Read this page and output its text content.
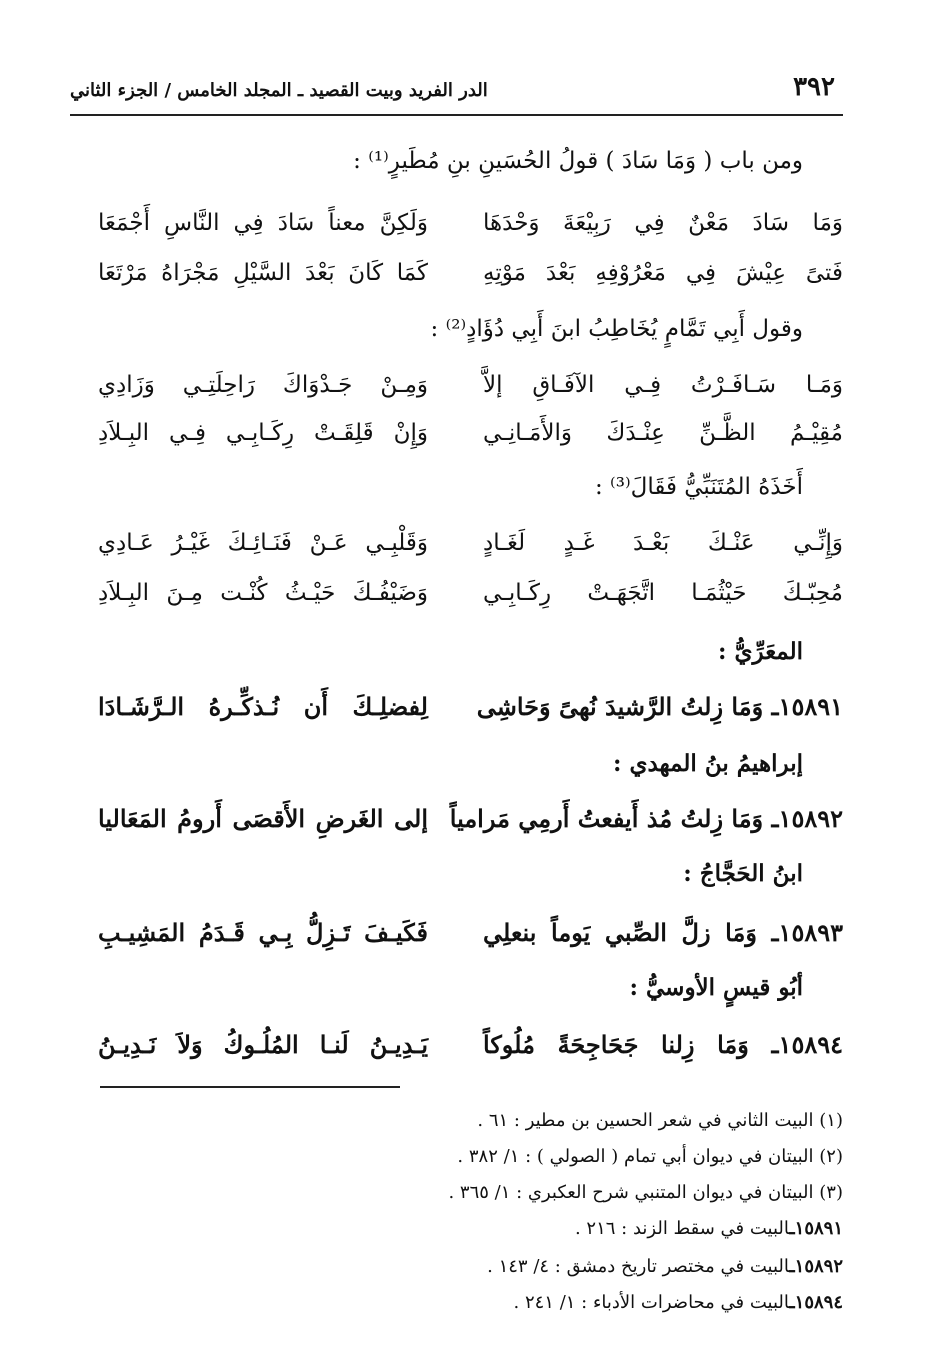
٣٩٢
الدر الفريد وبيت القصيد ـ المجلد الخامس / الجزء الثاني
ومن باب ( وَمَا سَادَ ) قولُ الحُسَينِ بنِ مُطَيرٍ⁽¹⁾ :
وَمَا سَادَ مَعْنٌ فِي رَبِيْعَةَ وَحْدَهَا
وَلَكِنَّ معناً سَادَ فِي النَّاسِ أَجْمَعَا
فَتىً عِيْشَ فِي مَعْرُوْفِهِ بَعْدَ مَوْتِهِ
كَمَا كَانَ بَعْدَ السَّيْلِ مَجْرَاهُ مَرْتَعَا
وقول أَبِي تَمَّامٍ يُخَاطِبُ ابنَ أَبِي دُؤَادٍ⁽²⁾ :
وَمَـا سَـافَـرْتُ فِـي الآفَـاقِ إلاَّ
وَمِـنْ جَـدْوَاكَ رَاحِلَتِـي وَزَادِي
مُقِيْـمُ الظَّـنِّ عِنْـدَكَ وَالأَمَـانِـي
وَإِنْ قَلِقَـتْ رِكَـابِـي فِـي البِـلاَدِ
أَخَذَهُ المُتَنَبِّيُّ فَقَالَ⁽³⁾ :
وَإِنِّـي عَنْـكَ بَعْـدَ غَـدٍ لَغَـادٍ
وَقَلْبِـي عَـنْ فَنَـائِـكَ غَيْـرُ عَـادِي
مُحِبّـكَ حَيْثُمَـا اتَّجَهَـتْ رِكَـابِـي
وَضَيْفُـكَ حَيْـثُ كُنْـت مِـنَ البِـلاَدِ
المعَرِّيُّ :
١٥٨٩١ـ وَمَا زِلتُ الرَّشيدَ نُهىً وَحَاشِى
لِفضلِـكَ أَن نُـذكِّـرهُ الـرَّشَـادَا
إبراهيمُ بنُ المهدي :
١٥٨٩٢ـ وَمَا زِلتُ مُذ أَيفعتُ أَرمِي مَرامياً
إلى الغَرضِ الأَقصَى أَرومُ المَعَاليا
ابنُ الحَجَّاجُ :
١٥٨٩٣ـ وَمَا زلَّ الصِّبي يَوماً بنعلِي
فَكَيـفَ تَـزِلُّ بِـي قَـدَمُ المَشِيـبِ
أبُو قيسٍ الأوسيُّ :
١٥٨٩٤ـ وَمَا زِلنا جَحَاجِحَةً مُلُوكاً
يَـدِيـنُ لَنـا المُلُـوكُ وَلاَ نَـدِيـنُ
(١) البيت الثاني في شعر الحسين بن مطير : ٦١ .
(٢) البيتان في ديوان أبي تمام ( الصولي ) : ١/ ٣٨٢ .
(٣) البيتان في ديوان المتنبي شرح العكبري : ١/ ٣٦٥ .
١٥٨٩١ـالبيت في سقط الزند : ٢١٦ .
١٥٨٩٢ـالبيت في مختصر تاريخ دمشق : ٤/ ١٤٣ .
١٥٨٩٤ـالبيت في محاضرات الأدباء : ١/ ٢٤١ .
